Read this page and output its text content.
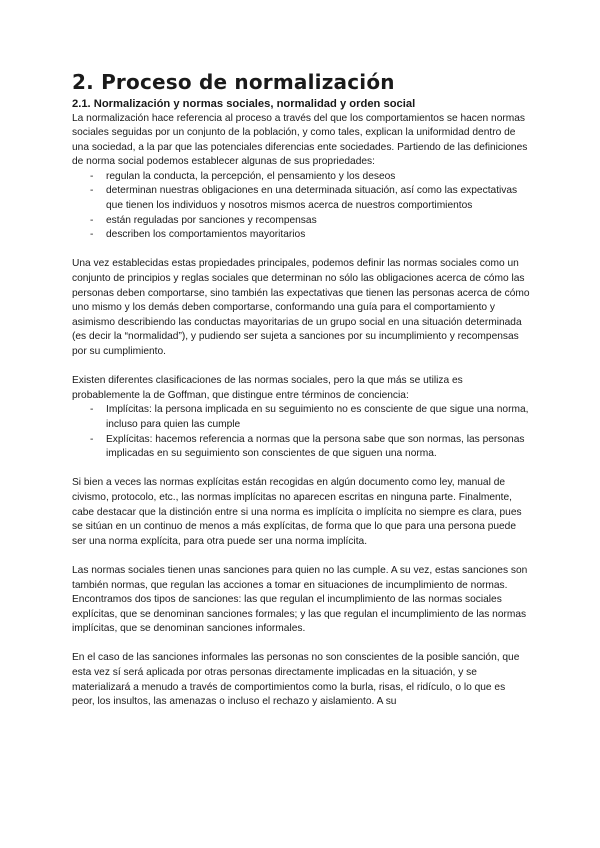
2. Proceso de normalización
2.1. Normalización y normas sociales, normalidad y orden social

La normalización hace referencia al proceso a través del que los comportamientos se hacen normas sociales seguidas por un conjunto de la población, y como tales, explican la uniformidad dentro de una sociedad, a la par que las potenciales diferencias ente sociedades. Partiendo de las definiciones de norma social podemos establecer algunas de sus propriedades:

- regulan la conducta, la percepción, el pensamiento y los deseos
- determinan nuestras obligaciones en una determinada situación, así como las expectativas que tienen los individuos y nosotros mismos acerca de nuestros comportimientos
- están reguladas por sanciones y recompensas
- describen los comportamientos mayoritarios

Una vez establecidas estas propiedades principales, podemos definir las normas sociales como un conjunto de principios y reglas sociales que determinan no sólo las obligaciones acerca de cómo las personas deben comportarse, sino también las expectativas que tienen las personas acerca de cómo uno mismo y los demás deben comportarse, conformando una guía para el comportamiento y asimismo describiendo las conductas mayoritarias de un grupo social en una situación determinada (es decir la “normalidad”), y pudiendo ser sujeta a sanciones por su incumplimiento y recompensas por su cumplimiento.

Existen diferentes clasificaciones de las normas sociales, pero la que más se utiliza es probablemente la de Goffman, que distingue entre términos de conciencia:

- Implícitas: la persona implicada en su seguimiento no es consciente de que sigue una norma, incluso para quien las cumple
- Explícitas: hacemos referencia a normas que la persona sabe que son normas, las personas implicadas en su seguimiento son conscientes de que siguen una norma.

Si bien a veces las normas explícitas están recogidas en algún documento como ley, manual de civismo, protocolo, etc., las normas implícitas no aparecen escritas en ninguna parte. Finalmente, cabe destacar que la distinción entre si una norma es implícita o implícita no siempre es clara, pues se sitúan en un continuo de menos a más explícitas, de forma que lo que para una persona puede ser una norma explícita, para otra puede ser una norma implícita.

Las normas sociales tienen unas sanciones para quien no las cumple. A su vez, estas sanciones son también normas, que regulan las acciones a tomar en situaciones de incumplimiento de normas. Encontramos dos tipos de sanciones: las que regulan el incumplimiento de las normas sociales explícitas, que se denominan sanciones formales; y las que regulan el incumplimiento de las normas implícitas, que se denominan sanciones informales.

En el caso de las sanciones informales las personas no son conscientes de la posible sanción, que esta vez sí será aplicada por otras personas directamente implicadas en la situación, y se materializará a menudo a través de comportimientos como la burla, risas, el ridículo, o lo que es peor, los insultos, las amenazas o incluso el rechazo y aislamiento. A su
